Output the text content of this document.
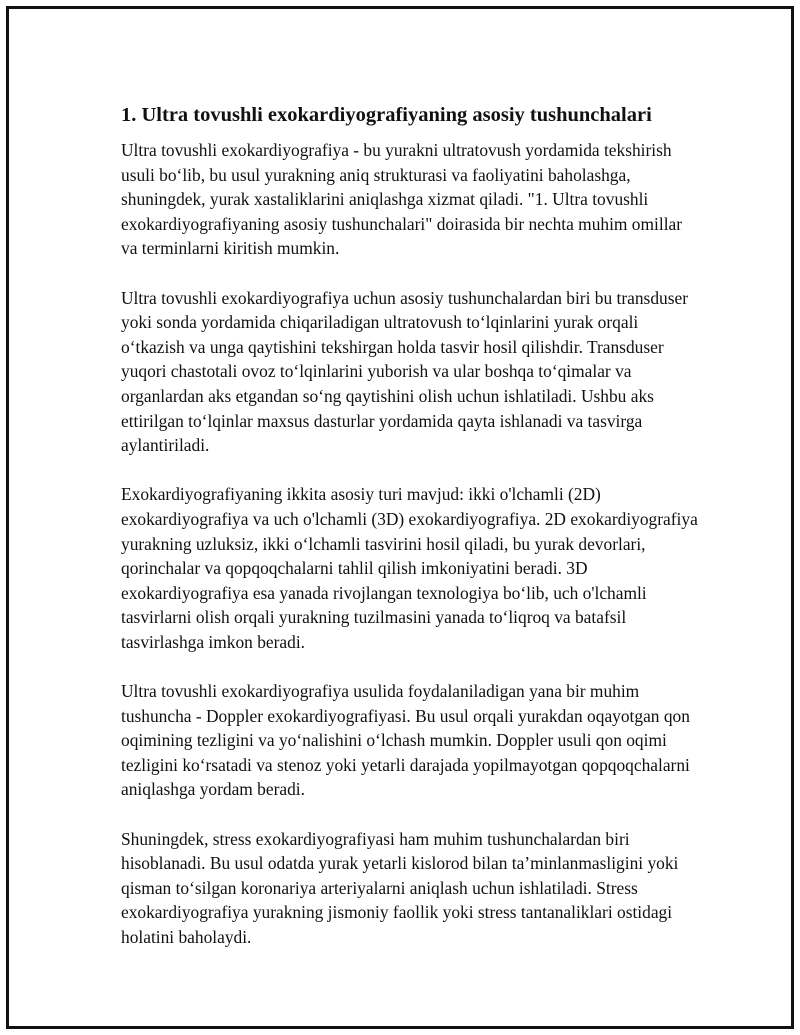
1. Ultra tovushli exokardiyografiyaning asosiy tushunchalari

Ultra tovushli exokardiyografiya - bu yurakni ultratovush yordamida tekshirish usuli bo‘lib, bu usul yurakning aniq strukturasi va faoliyatini baholashga, shuningdek, yurak xastaliklarini aniqlashga xizmat qiladi. "1. Ultra tovushli exokardiyografiyaning asosiy tushunchalari" doirasida bir nechta muhim omillar va terminlarni kiritish mumkin.

Ultra tovushli exokardiyografiya uchun asosiy tushunchalardan biri bu transduser yoki sonda yordamida chiqariladigan ultratovush to‘lqinlarini yurak orqali o‘tkazish va unga qaytishini tekshirgan holda tasvir hosil qilishdir. Transduser yuqori chastotali ovoz to‘lqinlarini yuborish va ular boshqa to‘qimalar va organlardan aks etgandan so‘ng qaytishini olish uchun ishlatiladi. Ushbu aks ettirilgan to‘lqinlar maxsus dasturlar yordamida qayta ishlanadi va tasvirga aylantiriladi.

Exokardiyografiyaning ikkita asosiy turi mavjud: ikki o'lchamli (2D) exokardiyografiya va uch o'lchamli (3D) exokardiyografiya. 2D exokardiyografiya yurakning uzluksiz, ikki o‘lchamli tasvirini hosil qiladi, bu yurak devorlari, qorinchalar va qopqoqchalarni tahlil qilish imkoniyatini beradi. 3D exokardiyografiya esa yanada rivojlangan texnologiya bo‘lib, uch o'lchamli tasvirlarni olish orqali yurakning tuzilmasini yanada to‘liqroq va batafsil tasvirlashga imkon beradi.

Ultra tovushli exokardiyografiya usulida foydalaniladigan yana bir muhim tushuncha - Doppler exokardiyografiyasi. Bu usul orqali yurakdan oqayotgan qon oqimining tezligini va yo‘nalishini o‘lchash mumkin. Doppler usuli qon oqimi tezligini ko‘rsatadi va stenoz yoki yetarli darajada yopilmayotgan qopqoqchalarni aniqlashga yordam beradi.

Shuningdek, stress exokardiyografiyasi ham muhim tushunchalardan biri hisoblanadi. Bu usul odatda yurak yetarli kislorod bilan ta’minlanmasligini yoki qisman to‘silgan koronariya arteriyalarni aniqlash uchun ishlatiladi. Stress exokardiyografiya yurakning jismoniy faollik yoki stress tantanaliklari ostidagi holatini baholaydi.
